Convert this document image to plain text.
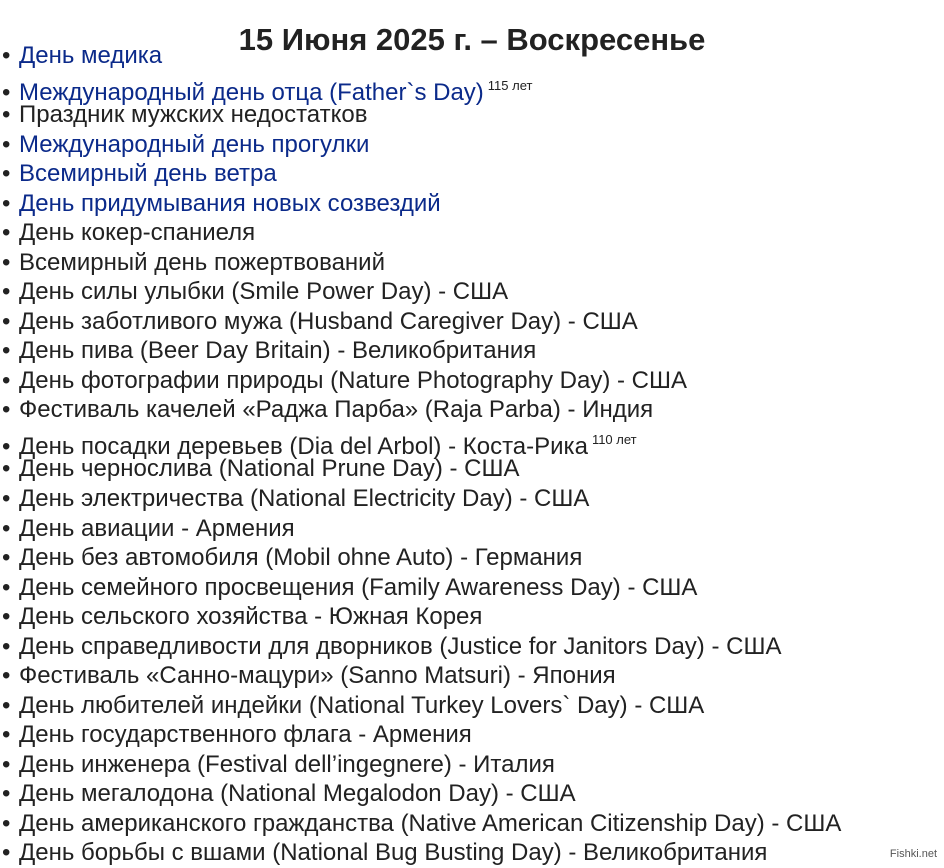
15 Июня 2025 г. – Воскресенье
• День медика
• Международный день отца (Father`s Day) $^{115 лет}$
• Праздник мужских недостатков
• Международный день прогулки
• Всемирный день ветра
• День придумывания новых созвездий
• День кокер-спаниеля
• Всемирный день пожертвований
• День силы улыбки (Smile Power Day) - США
• День заботливого мужа (Husband Caregiver Day) - США
• День пива (Beer Day Britain) - Великобритания
• День фотографии природы (Nature Photography Day) - США
• Фестиваль качелей «Раджа Парба» (Raja Parba) - Индия
• День посадки деревьев (Dia del Arbol) - Коста-Рика $^{110 лет}$
• День чернослива (National Prune Day) - США
• День электричества (National Electricity Day) - США
• День авиации - Армения
• День без автомобиля (Mobil ohne Auto) - Германия
• День семейного просвещения (Family Awareness Day) - США
• День сельского хозяйства - Южная Корея
• День справедливости для дворников (Justice for Janitors Day) - США
• Фестиваль «Санно-мацури» (Sanno Matsuri) - Япония
• День любителей индейки (National Turkey Lovers` Day) - США
• День государственного флага - Армения
• День инженера (Festival dell’ingegnere) - Италия
• День мегалодона (National Megalodon Day) - США
• День американского гражданства (Native American Citizenship Day) - США
• День борьбы с вшами (National Bug Busting Day) - Великобритания	Fishki.net
